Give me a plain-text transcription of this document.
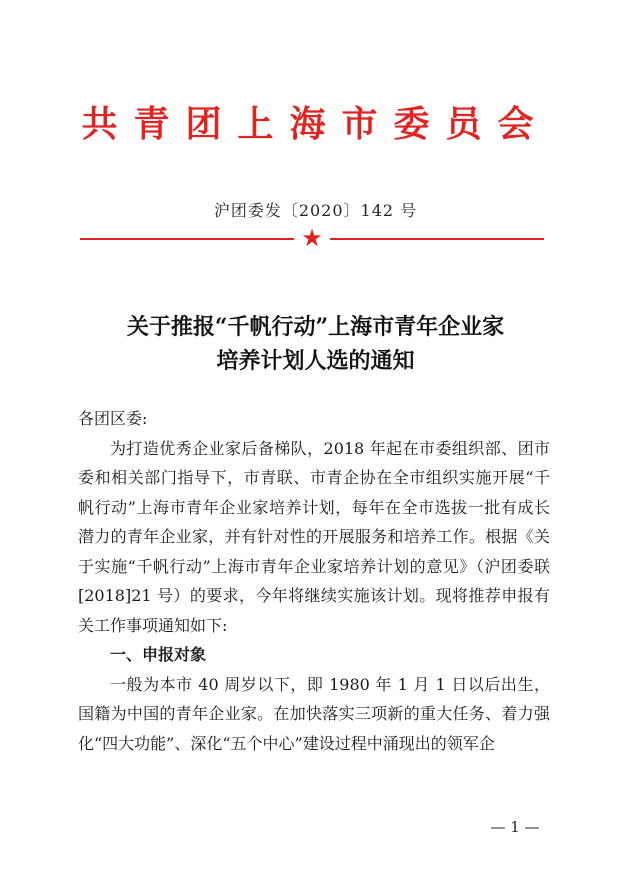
共青团上海市委员会
沪团委发〔2020〕142 号
★
关于推报“千帆行动”上海市青年企业家
培养计划人选的通知

各团区委:

为打造优秀企业家后备梯队，2018 年起在市委组织部、团市委和相关部门指导下，市青联、市青企协在全市组织实施开展“千帆行动”上海市青年企业家培养计划，每年在全市选拔一批有成长潜力的青年企业家，并有针对性的开展服务和培养工作。根据《关于实施“千帆行动”上海市青年企业家培养计划的意见》（沪团委联[2018]21 号）的要求，今年将继续实施该计划。现将推荐申报有关工作事项通知如下:

一、申报对象

一般为本市 40 周岁以下，即 1980 年 1 月 1 日以后出生，国籍为中国的青年企业家。在加快落实三项新的重大任务、着力强化“四大功能”、深化“五个中心”建设过程中涌现出的领军企

— 1 —
